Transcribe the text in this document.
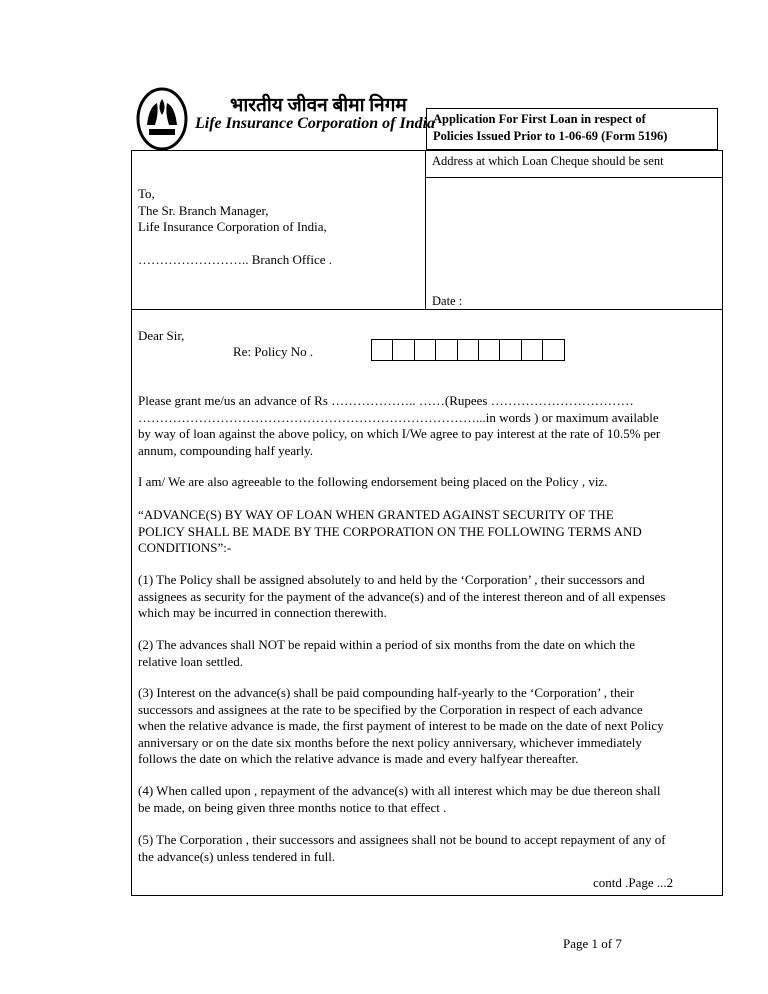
भारतीय जीवन बीमा निगम
Life Insurance Corporation of India
Application For First Loan in respect of
Policies Issued Prior to 1-06-69 (Form 5196)
Address at which Loan Cheque should be sent
To,
The Sr. Branch Manager,
Life Insurance Corporation of India,
…………………….. Branch Office .
Date :
Dear Sir,
Re: Policy No .
Please grant me/us an advance of Rs ……………….. ……(Rupees ……………………………
……………………………………………………………………...in words ) or maximum available
by way of loan against the above policy, on which I/We agree to pay interest at the rate of 10.5% per
annum, compounding half yearly.
I am/ We are also agreeable to the following endorsement being placed on the Policy , viz.
“ADVANCE(S) BY WAY OF LOAN WHEN GRANTED AGAINST SECURITY OF THE
POLICY SHALL BE MADE BY THE CORPORATION ON THE FOLLOWING TERMS AND
CONDITIONS”:-
(1) The Policy shall be assigned absolutely to and held by the ‘Corporation’ , their successors and
assignees as security for the payment of the advance(s) and of the interest thereon and of all expenses
which may be incurred in connection therewith.
(2) The advances shall NOT be repaid within a period of six months from the date on which the
relative loan settled.
(3) Interest on the advance(s) shall be paid compounding half-yearly to the ‘Corporation’ , their
successors and assignees at the rate to be specified by the Corporation in respect of each advance
when the relative advance is made, the first payment of interest to be made on the date of next Policy
anniversary or on the date six months before the next policy anniversary, whichever immediately
follows the date on which the relative advance is made and every halfyear thereafter.
(4) When called upon , repayment of the advance(s) with all interest which may be due thereon shall
be made, on being given three months notice to that effect .
(5) The Corporation , their successors and assignees shall not be bound to accept repayment of any of
the advance(s) unless tendered in full.
contd .Page ...2
Page 1 of 7
